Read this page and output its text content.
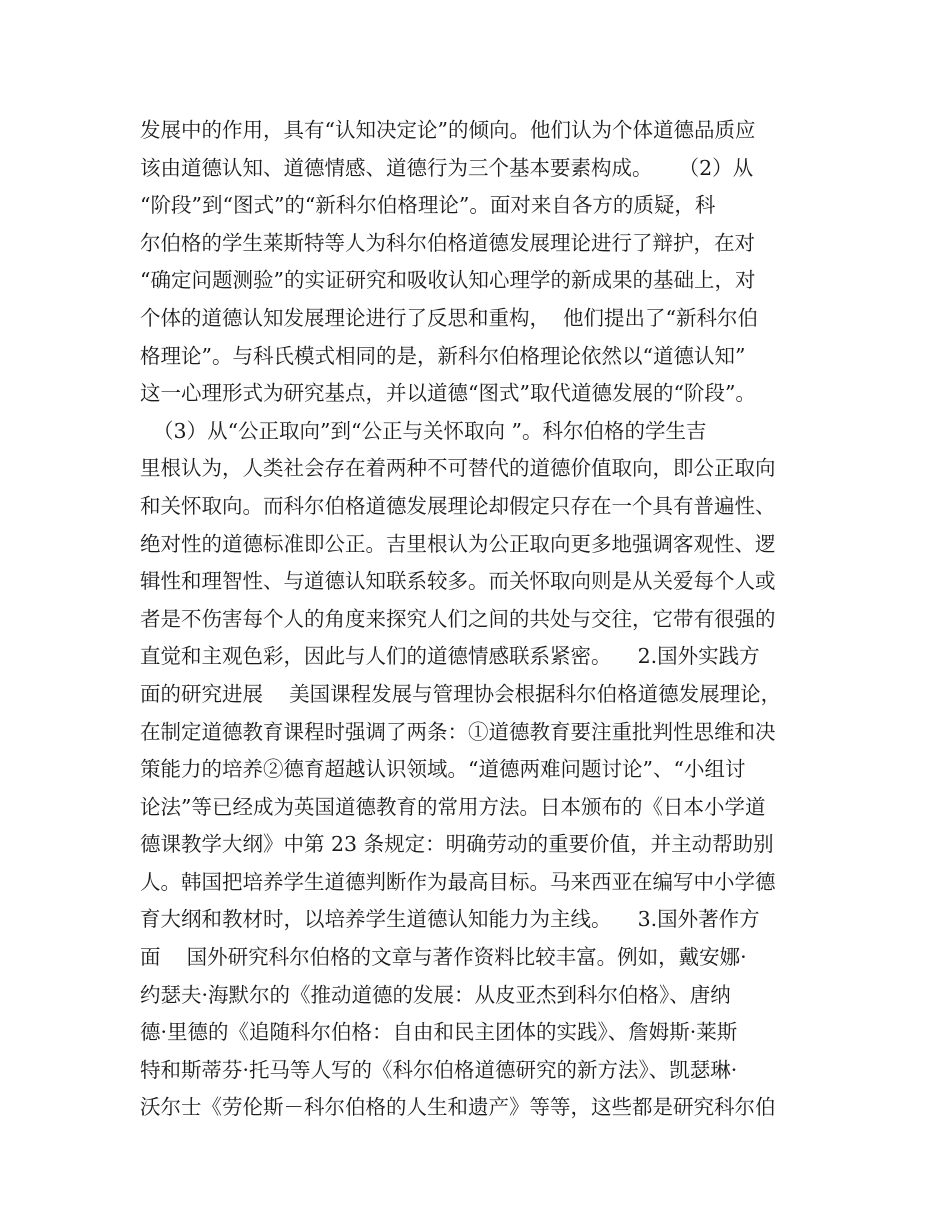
发展中的作用，具有“认知决定论”的倾向。他们认为个体道德品质应
该由道德认知、道德情感、道德行为三个基本要素构成。    （2）从
“阶段”到“图式”的“新科尔伯格理论”。面对来自各方的质疑，科
尔伯格的学生莱斯特等人为科尔伯格道德发展理论进行了辩护，在对
“确定问题测验”的实证研究和吸收认知心理学的新成果的基础上，对
个体的道德认知发展理论进行了反思和重构，  他们提出了“新科尔伯
格理论”。与科氏模式相同的是，新科尔伯格理论依然以“道德认知”
这一心理形式为研究基点，并以道德“图式”取代道德发展的“阶段”。
（3）从“公正取向”到“公正与关怀取向 ”。科尔伯格的学生吉
里根认为，人类社会存在着两种不可替代的道德价值取向，即公正取向
和关怀取向。而科尔伯格道德发展理论却假定只存在一个具有普遍性、
绝对性的道德标准即公正。吉里根认为公正取向更多地强调客观性、逻
辑性和理智性、与道德认知联系较多。而关怀取向则是从关爱每个人或
者是不伤害每个人的角度来探究人们之间的共处与交往，它带有很强的
直觉和主观色彩，因此与人们的道德情感联系紧密。    2.国外实践方
面的研究进展    美国课程发展与管理协会根据科尔伯格道德发展理论，
在制定道德教育课程时强调了两条：①道德教育要注重批判性思维和决
策能力的培养②德育超越认识领域。“道德两难问题讨论”、“小组讨
论法”等已经成为英国道德教育的常用方法。日本颁布的《日本小学道
德课教学大纲》中第 23 条规定：明确劳动的重要价值，并主动帮助别
人。韩国把培养学生道德判断作为最高目标。马来西亚在编写中小学德
育大纲和教材时，以培养学生道德认知能力为主线。    3.国外著作方
面    国外研究科尔伯格的文章与著作资料比较丰富。例如，戴安娜·
约瑟夫·海默尔的《推动道德的发展：从皮亚杰到科尔伯格》、唐纳
德·里德的《追随科尔伯格：自由和民主团体的实践》、詹姆斯·莱斯
特和斯蒂芬·托马等人写的《科尔伯格道德研究的新方法》、凯瑟琳·
沃尔士《劳伦斯－科尔伯格的人生和遗产》等等，这些都是研究科尔伯
